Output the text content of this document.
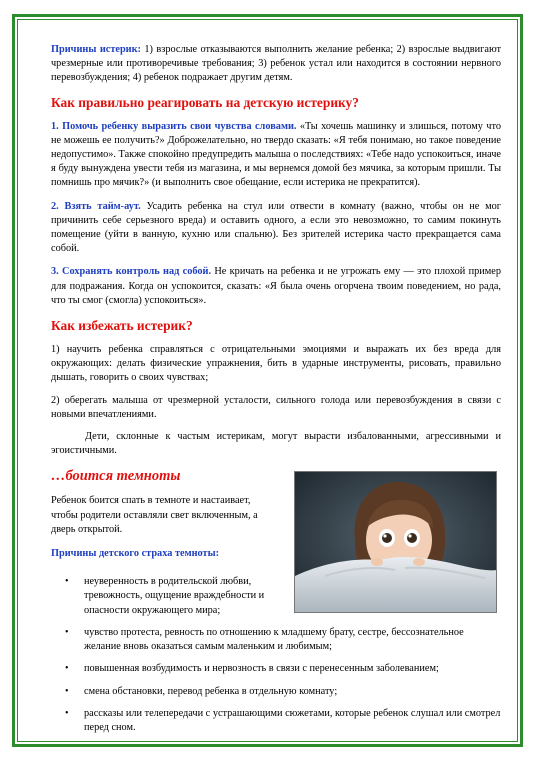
Причины истерик: 1) взрослые отказываются выполнить желание ребенка; 2) взрослые выдвигают чрезмерные или противоречивые требования; 3) ребенок устал или находится в состоянии нервного перевозбуждения; 4) ребенок подражает другим детям.

Как правильно реагировать на детскую истерику?

1. Помочь ребенку выразить свои чувства словами. «Ты хочешь машинку и злишься, потому что не можешь ее получить?» Доброжелательно, но твердо сказать: «Я тебя понимаю, но такое поведение недопустимо». Также спокойно предупредить малыша о последствиях: «Тебе надо успокоиться, иначе я буду вынуждена увести тебя из магазина, и мы вернемся домой без мячика, за которым пришли. Ты помнишь про мячик?» (и выполнить свое обещание, если истерика не прекратится).

2. Взять тайм-аут. Усадить ребенка на стул или отвести в комнату (важно, чтобы он не мог причинить себе серьезного вреда) и оставить одного, а если это невозможно, то самим покинуть помещение (уйти в ванную, кухню или спальню). Без зрителей истерика часто прекращается сама собой.

3. Сохранять контроль над собой. Не кричать на ребенка и не угрожать ему — это плохой пример для подражания. Когда он успокоится, сказать: «Я была очень огорчена твоим поведением, но рада, что ты смог (смогла) успокоиться».

Как избежать истерик?

1) научить ребенка справляться с отрицательными эмоциями и выражать их без вреда для окружающих: делать физические упражнения, бить в ударные инструменты, рисовать, правильно дышать, говорить о своих чувствах;

2) оберегать малыша от чрезмерной усталости, сильного голода или перевозбуждения в связи с новыми впечатлениями.

Дети, склонные к частым истерикам, могут вырасти избалованными, агрессивными и эгоистичными.

…боится темноты

Ребенок боится спать в темноте и настаивает, чтобы родители оставляли свет включенным, а дверь открытой.

Причины детского страха темноты:

• неуверенность в родительской любви, тревожность, ощущение враждебности и опасности окружающего мира;
• чувство протеста, ревность по отношению к младшему брату, сестре, бессознательное желание вновь оказаться самым маленьким и любимым;
• повышенная возбудимость и нервозность в связи с перенесенным заболеванием;
• смена обстановки, перевод ребенка в отдельную комнату;
• рассказы или телепередачи с устрашающими сюжетами, которые ребенок слушал или смотрел перед сном.
